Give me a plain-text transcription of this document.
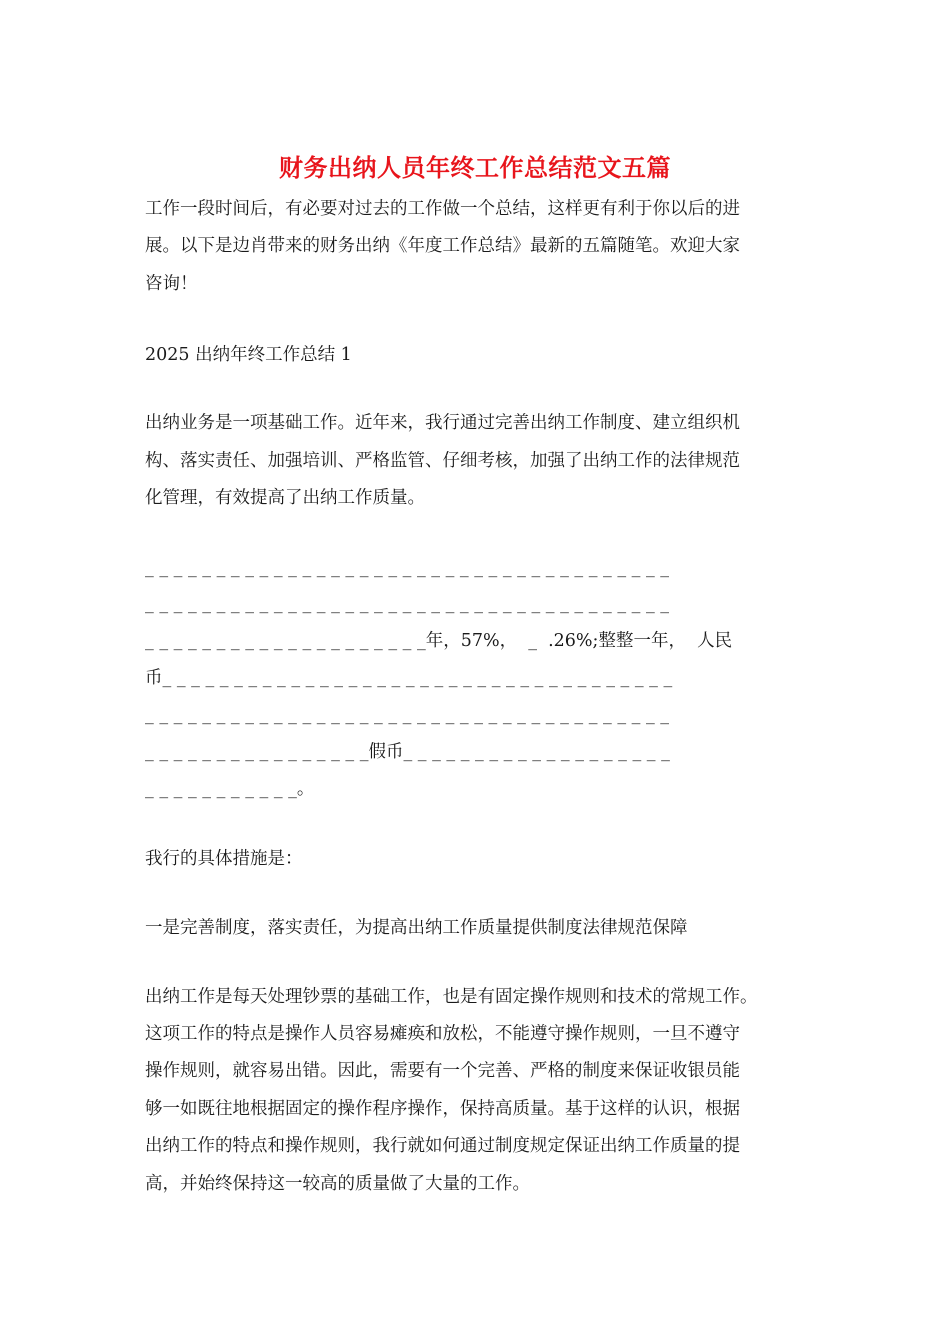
财务出纳人员年终工作总结范文五篇
工作一段时间后，有必要对过去的工作做一个总结，这样更有利于你以后的进
展。以下是边肖带来的财务出纳《年度工作总结》最新的五篇随笔。欢迎大家
咨询！
2025 出纳年终工作总结 1
出纳业务是一项基础工作。近年来，我行通过完善出纳工作制度、建立组织机
构、落实责任、加强培训、严格监管、仔细考核，加强了出纳工作的法律规范
化管理，有效提高了出纳工作质量。
_ _ _ _ _ _ _ _ _ _ _ _ _ _ _ _ _ _ _ _ _ _ _ _ _ _ _ _ _ _ _ _ _ _ _ _ _
_ _ _ _ _ _ _ _ _ _ _ _ _ _ _ _ _ _ _ _ _ _ _ _ _ _ _ _ _ _ _ _ _ _ _ _ _
_ _ _ _ _ _ _ _ _ _ _ _ _ _ _ _ _ _ _ _年，57%，  _  .26%;整整一年，  人民
币_ _ _ _ _ _ _ _ _ _ _ _ _ _ _ _ _ _ _ _ _ _ _ _ _ _ _ _ _ _ _ _ _ _ _ _
_ _ _ _ _ _ _ _ _ _ _ _ _ _ _ _ _ _ _ _ _ _ _ _ _ _ _ _ _ _ _ _ _ _ _ _ _
_ _ _ _ _ _ _ _ _ _ _ _ _ _ _ _假币_ _ _ _ _ _ _ _ _ _ _ _ _ _ _ _ _ _ _
_ _ _ _ _ _ _ _ _ _ _。
我行的具体措施是：
一是完善制度，落实责任，为提高出纳工作质量提供制度法律规范保障
出纳工作是每天处理钞票的基础工作，也是有固定操作规则和技术的常规工作。
这项工作的特点是操作人员容易瘫痪和放松，不能遵守操作规则，一旦不遵守
操作规则，就容易出错。因此，需要有一个完善、严格的制度来保证收银员能
够一如既往地根据固定的操作程序操作，保持高质量。基于这样的认识，根据
出纳工作的特点和操作规则，我行就如何通过制度规定保证出纳工作质量的提
高，并始终保持这一较高的质量做了大量的工作。
